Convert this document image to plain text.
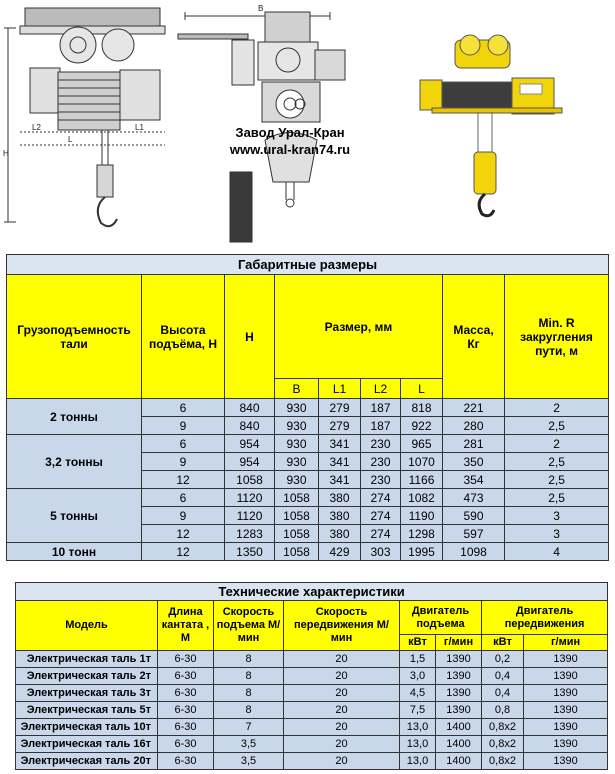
H
L2
L
L1
B
Завод Урал-Кран
www.ural-kran74.ru
Габаритные размеры								
Грузоподъемность тали	Высота подъёма, Н	H	Размер, мм				Масса, Кг	Min. R закругления пути, м
			B	L1	L2	L		
2 тонны	6	840	930	279	187	818	221	2
	9	840	930	279	187	922	280	2,5
3,2 тонны	6	954	930	341	230	965	281	2
	9	954	930	341	230	1070	350	2,5
	12	1058	930	341	230	1166	354	2,5
5 тонны	6	1120	1058	380	274	1082	473	2,5
	9	1120	1058	380	274	1190	590	3
	12	1283	1058	380	274	1298	597	3
10 тонн	12	1350	1058	429	303	1995	1098	4
Технические характеристики							
Модель	Длина кантата , М	Скорость подъема М/мин	Скорость передвижения М/мин	Двигатель подъема		Двигатель передвижения	
				кВт	г/мин	кВт	г/мин
Электрическая таль 1т	6-30	8	20	1,5	1390	0,2	1390
Электрическая таль 2т	6-30	8	20	3,0	1390	0,4	1390
Электрическая таль 3т	6-30	8	20	4,5	1390	0,4	1390
Электрическая таль 5т	6-30	8	20	7,5	1390	0,8	1390
Электрическая таль 10т	6-30	7	20	13,0	1400	0,8x2	1390
Электрическая таль 16т	6-30	3,5	20	13,0	1400	0,8x2	1390
Электрическая таль 20т	6-30	3,5	20	13,0	1400	0,8x2	1390
